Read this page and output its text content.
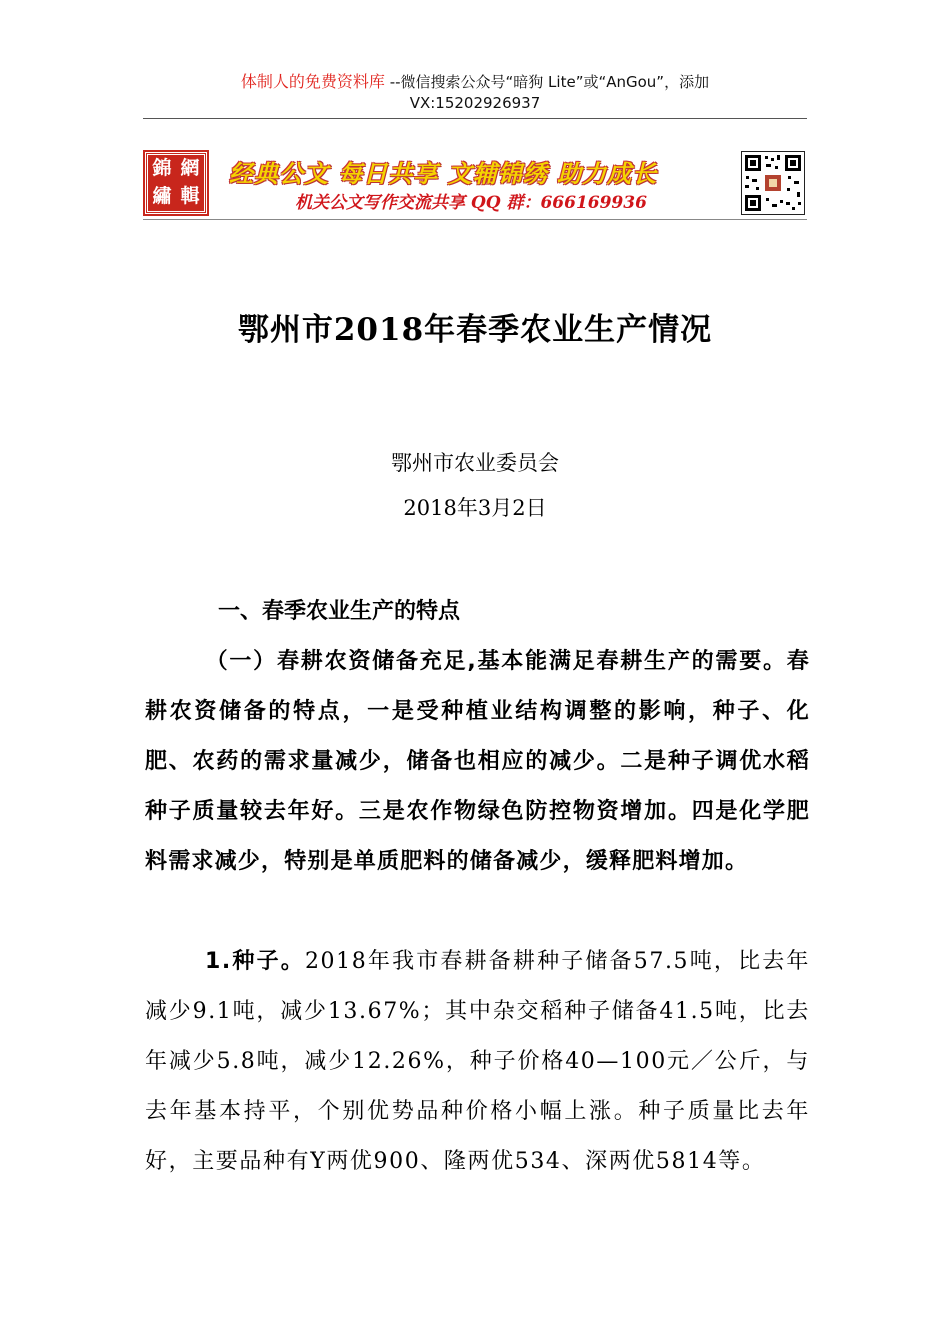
体制人的免费资料库 --微信搜索公众号“暗狗 Lite”或“AnGou”，添加
VX:15202926937
錦 網
繡 輯
经典公文 每日共享 文辅锦绣 助力成长
机关公文写作交流共享 QQ 群：666169936
鄂州市2018年春季农业生产情况
鄂州市农业委员会
2018年3月2日
一、春季农业生产的特点
（一）春耕农资储备充足,基本能满足春耕生产的需要。春耕农资储备的特点，一是受种植业结构调整的影响，种子、化肥、农药的需求量减少，储备也相应的减少。二是种子调优水稻种子质量较去年好。三是农作物绿色防控物资增加。四是化学肥料需求减少，特别是单质肥料的储备减少，缓释肥料增加。
1.种子。2018年我市春耕备耕种子储备57.5吨，比去年减少9.1吨，减少13.67%；其中杂交稻种子储备41.5吨，比去年减少5.8吨，减少12.26%，种子价格40—100元／公斤，与去年基本持平，个别优势品种价格小幅上涨。种子质量比去年好，主要品种有Y两优900、隆两优534、深两优5814等。
